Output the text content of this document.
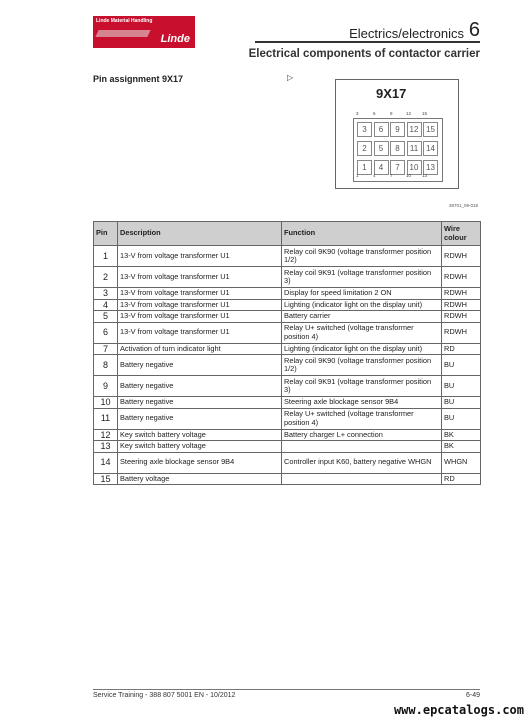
Linde Material Handling
Linde	Electrics/electronics 6
Electrical components of contactor carrier
Pin assignment 9X17	▷
9X17
3	6	9	12 15
2	5	8	11 14
1	4	7	10 13
3	6	9	12 15
1	4	7	10 13
38701_09-018
Pin	Description	Function	Wire colour
1	13-V from voltage transformer U1	Relay coil 9K90 (voltage transformer position 1/2)	RDWH
2	13-V from voltage transformer U1	Relay coil 9K91 (voltage transformer position 3)	RDWH
3	13-V from voltage transformer U1	Display for speed limitation 2 ON	RDWH
4	13-V from voltage transformer U1	Lighting (indicator light on the display unit)	RDWH
5	13-V from voltage transformer U1	Battery carrier	RDWH
6	13-V from voltage transformer U1	Relay U+ switched (voltage transformer position 4)	RDWH
7	Activation of turn indicator light	Lighting (indicator light on the display unit)	RD
8	Battery negative	Relay coil 9K90 (voltage transformer position 1/2)	BU
9	Battery negative	Relay coil 9K91 (voltage transformer position 3)	BU
10	Battery negative	Steering axle blockage sensor 9B4	BU
11	Battery negative	Relay U+ switched (voltage transformer position 4)	BU
12	Key switch battery voltage	Battery charger L+ connection	BK
13	Key switch battery voltage		BK
14	Steering axle blockage sensor 9B4	Controller input K60, battery negative WHGN	WHGN
15	Battery voltage		RD
Service Training - 388 807 5001 EN - 10/2012	6-49
www.epcatalogs.com
